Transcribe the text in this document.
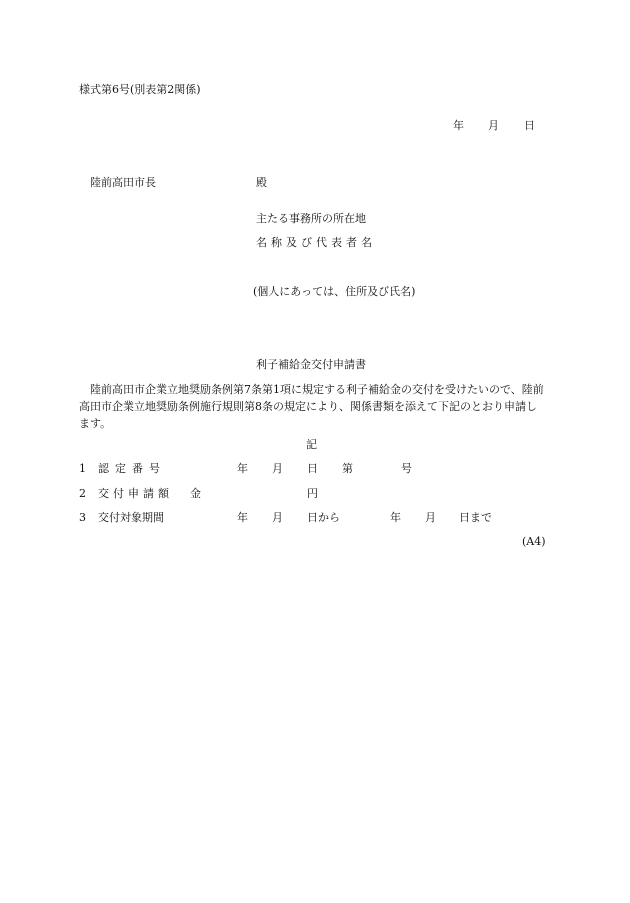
様式第6号(別表第2関係)
年 月 日
陸前高田市長	殿
主たる事務所の所在地
名称及び代表者名
(個人にあっては、住所及び氏名)
利子補給金交付申請書
陸前高田市企業立地奨励条例第7条第1項に規定する利子補給金の交付を受けたいので、陸前高田市企業立地奨励条例施行規則第8条の規定により、関係書類を添えて下記のとおり申請します。
記
1 認定番号	年 月 日 第	号
2 交付申請額 金	円
3 交付対象期間	年 月 日から	年 月 日まで
(A4)
